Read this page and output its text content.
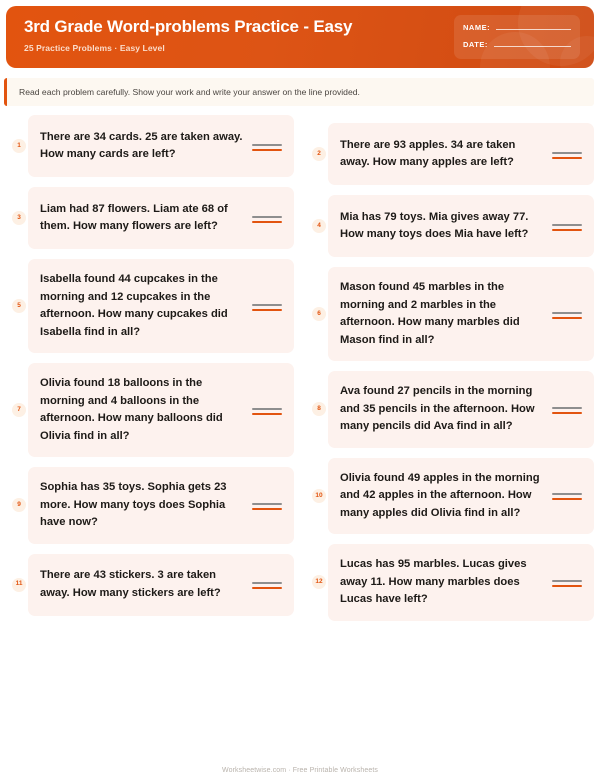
3rd Grade Word-problems Practice - Easy
25 Practice Problems · Easy Level
NAME:
DATE:
Read each problem carefully. Show your work and write your answer on the line provided.
1
There are 34 cards. 25 are taken away. How many cards are left?
3
Liam had 87 flowers. Liam ate 68 of them. How many flowers are left?
5
Isabella found 44 cupcakes in the morning and 12 cupcakes in the afternoon. How many cupcakes did Isabella find in all?
7
Olivia found 18 balloons in the morning and 4 balloons in the afternoon. How many balloons did Olivia find in all?
9
Sophia has 35 toys. Sophia gets 23 more. How many toys does Sophia have now?
11
There are 43 stickers. 3 are taken away. How many stickers are left?
2
There are 93 apples. 34 are taken away. How many apples are left?
4
Mia has 79 toys. Mia gives away 77. How many toys does Mia have left?
6
Mason found 45 marbles in the morning and 2 marbles in the afternoon. How many marbles did Mason find in all?
8
Ava found 27 pencils in the morning and 35 pencils in the afternoon. How many pencils did Ava find in all?
10
Olivia found 49 apples in the morning and 42 apples in the afternoon. How many apples did Olivia find in all?
12
Lucas has 95 marbles. Lucas gives away 11. How many marbles does Lucas have left?
Worksheetwise.com · Free Printable Worksheets
